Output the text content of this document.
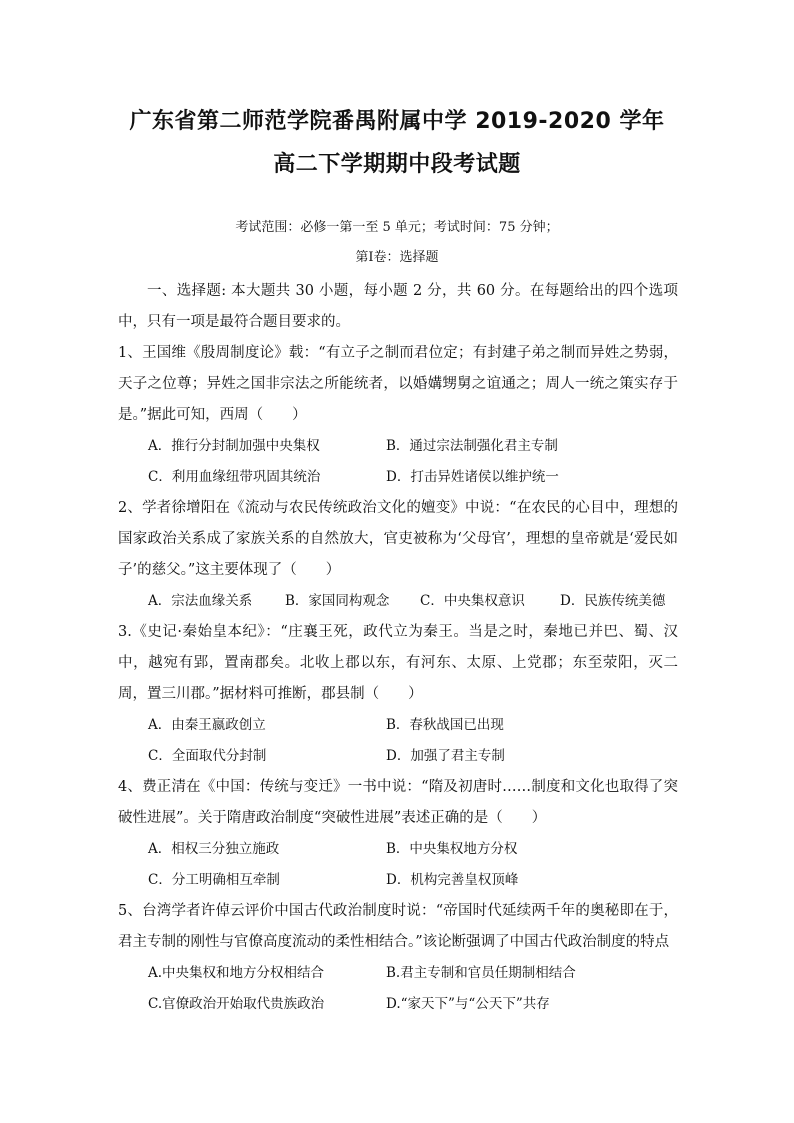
广东省第二师范学院番禺附属中学 2019-2020 学年
高二下学期期中段考试题
考试范围：必修一第一至 5 单元；考试时间：75 分钟；
第Ⅰ卷：选择题

一、选择题: 本大题共 30 小题，每小题 2 分，共 60 分。在每题给出的四个选项中，只有一项是最符合题目要求的。

1、王国维《殷周制度论》载：“有立子之制而君位定；有封建子弟之制而异姓之势弱，天子之位尊；异姓之国非宗法之所能统者，以婚媾甥舅之谊通之；周人一统之策实存于是。”据此可知，西周（　　）

A．推行分封制加强中央集权	B．通过宗法制强化君主专制
C．利用血缘纽带巩固其统治	D．打击异姓诸侯以维护统一

2、学者徐增阳在《流动与农民传统政治文化的嬗变》中说：“在农民的心目中，理想的国家政治关系成了家族关系的自然放大，官吏被称为‘父母官’，理想的皇帝就是‘爱民如子’的慈父。”这主要体现了（　　）

A．宗法血缘关系 B．家国同构观念 C．中央集权意识	D．民族传统美德

3.《史记·秦始皇本纪》：“庄襄王死，政代立为秦王。当是之时，秦地已并巴、蜀、汉中，越宛有郢，置南郡矣。北收上郡以东，有河东、太原、上党郡；东至荥阳，灭二周，置三川郡。”据材料可推断，郡县制（　　）

A．由秦王嬴政创立	B．春秋战国已出现
C．全面取代分封制	D．加强了君主专制

4、费正清在《中国：传统与变迁》一书中说：“隋及初唐时……制度和文化也取得了突破性进展”。关于隋唐政治制度“突破性进展”表述正确的是（　　）

A．相权三分独立施政	B．中央集权地方分权
C．分工明确相互牵制	D．机构完善皇权顶峰

5、台湾学者许倬云评价中国古代政治制度时说：“帝国时代延续两千年的奥秘即在于，君主专制的刚性与官僚高度流动的柔性相结合。”该论断强调了中国古代政治制度的特点

A.中央集权和地方分权相结合	B.君主专制和官员任期制相结合
C.官僚政治开始取代贵族政治	D.“家天下”与“公天下”共存
